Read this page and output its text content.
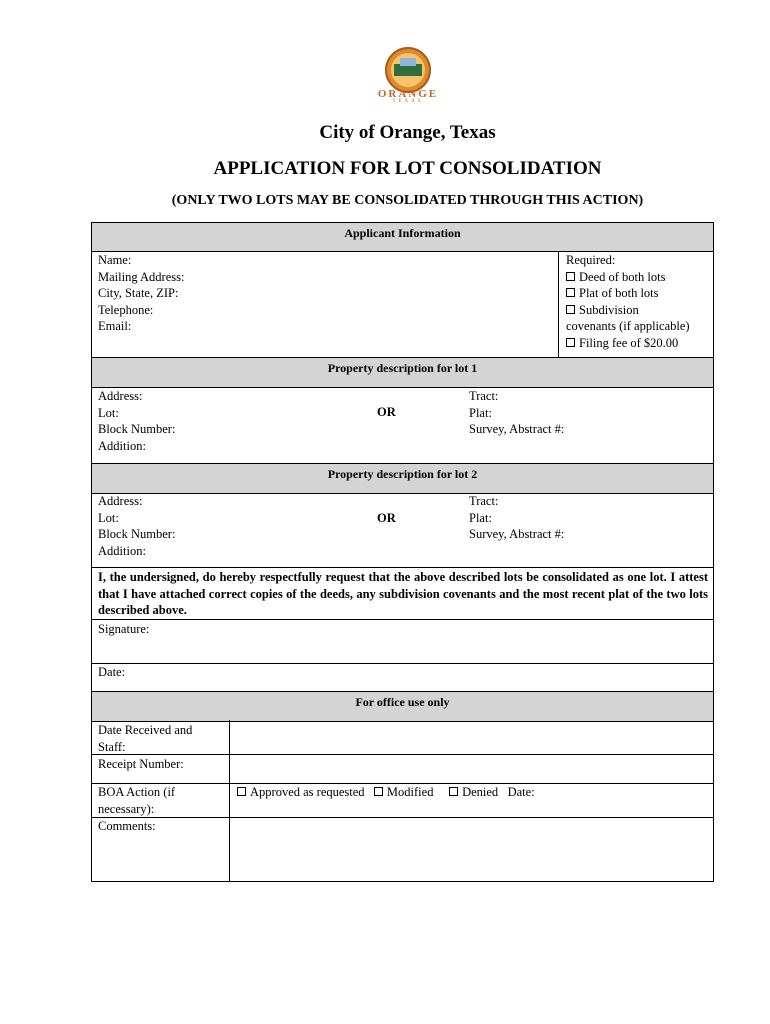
ORANGE
TEXAS
City of Orange, Texas
APPLICATION FOR LOT CONSOLIDATION
(ONLY TWO LOTS MAY BE CONSOLIDATED THROUGH THIS ACTION)
Applicant Information
Name:
Mailing Address:
City, State, ZIP:
Telephone:
Email:
Required:
Deed of both lots
Plat of both lots
Subdivision
covenants (if applicable)
Filing fee of $20.00
Property description for lot 1
Address:
Lot:
Block Number:
Addition:
OR
Tract:
Plat:
Survey, Abstract #:
Property description for lot 2
Address:
Lot:
Block Number:
Addition:
OR
Tract:
Plat:
Survey, Abstract #:
I, the undersigned, do hereby respectfully request that the above described lots be consolidated as one lot. I attest that I have attached correct copies of the deeds, any subdivision covenants and the most recent plat of the two lots described above.
Signature:
Date:
For office use only
Date Received and
Staff:
Receipt Number:
BOA Action (if
necessary):
Approved as requested Modified Denied Date:
Comments:
